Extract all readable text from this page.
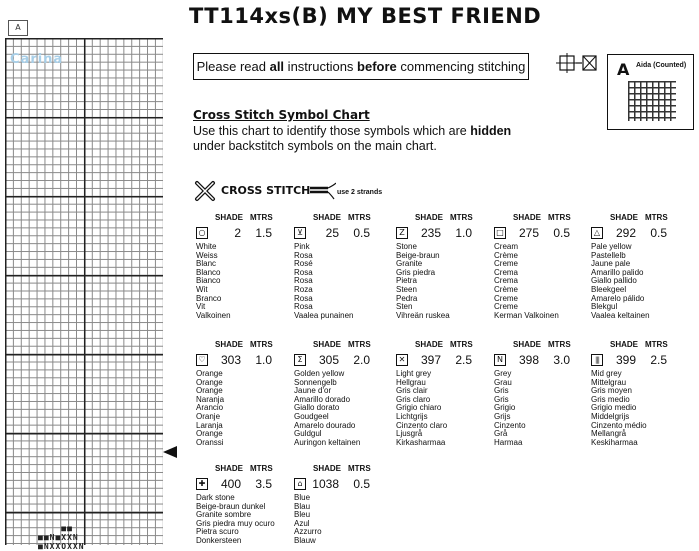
A
Carina
■■
■■N■XXN
■NXXOXXN
TT114xs(B) MY BEST FRIEND
Please read all instructions before commencing stitching	A Aida (Counted)
Cross Stitch Symbol Chart
Use this chart to identify those symbols which are hidden under backstitch symbols on the main chart.
CROSS STITCH	use 2 strands
SHADE MTRS
○	2	1.5
White
Weiss
Blanc
Blanco
Bianco
Wit
Branco
Vit
Valkoinen
SHADE MTRS
⊻	25	0.5
Pink
Rosa
Rosé
Rosa
Rosa
Roza
Rosa
Rosa
Vaalea punainen
SHADE MTRS
Z	235	1.0
Stone
Beige-braun
Granite
Gris piedra
Pietra
Steen
Pedra
Sten
Vihreän ruskea
SHADE MTRS
□	275	0.5
Cream
Crème
Creme
Crema
Crema
Crème
Creme
Creme
Kerman Valkoinen
SHADE MTRS
△	292	0.5
Pale yellow
Pastellelb
Jaune pale
Amarillo palido
Giallo pallido
Bleekgeel
Amarelo pálido
Blekgul
Vaalea keltainen
SHADE MTRS
♡	303	1.0
Orange
Orange
Orange
Naranja
Arancio
Oranje
Laranja
Orange
Oranssi
SHADE MTRS
Σ	305	2.0
Golden yellow
Sonnengelb
Jaune d'or
Amarillo dorado
Giallo dorato
Goudgeel
Amarelo dourado
Guldgul
Auringon keltainen
SHADE MTRS
✕	397	2.5
Light grey
Hellgrau
Gris clair
Gris claro
Grigio chiaro
Lichtgrijs
Cinzento claro
Ljusgrå
Kirkasharmaa
SHADE MTRS
N	398	3.0
Grey
Grau
Gris
Gris
Grigio
Grijs
Cinzento
Grå
Harmaa
SHADE MTRS
|||	399	2.5
Mid grey
Mittelgrau
Gris moyen
Gris medio
Grigio medio
Middelgrijs
Cinzento médio
Mellangrå
Keskiharmaa
SHADE MTRS
✚	400	3.5
Dark stone
Beige-braun dunkel
Granite sombre
Gris piedra muy ocuro
Pietra scuro
Donkersteen
SHADE MTRS
⌂ 1038	0.5
Blue
Blau
Bleu
Azul
Azzurro
Blauw
